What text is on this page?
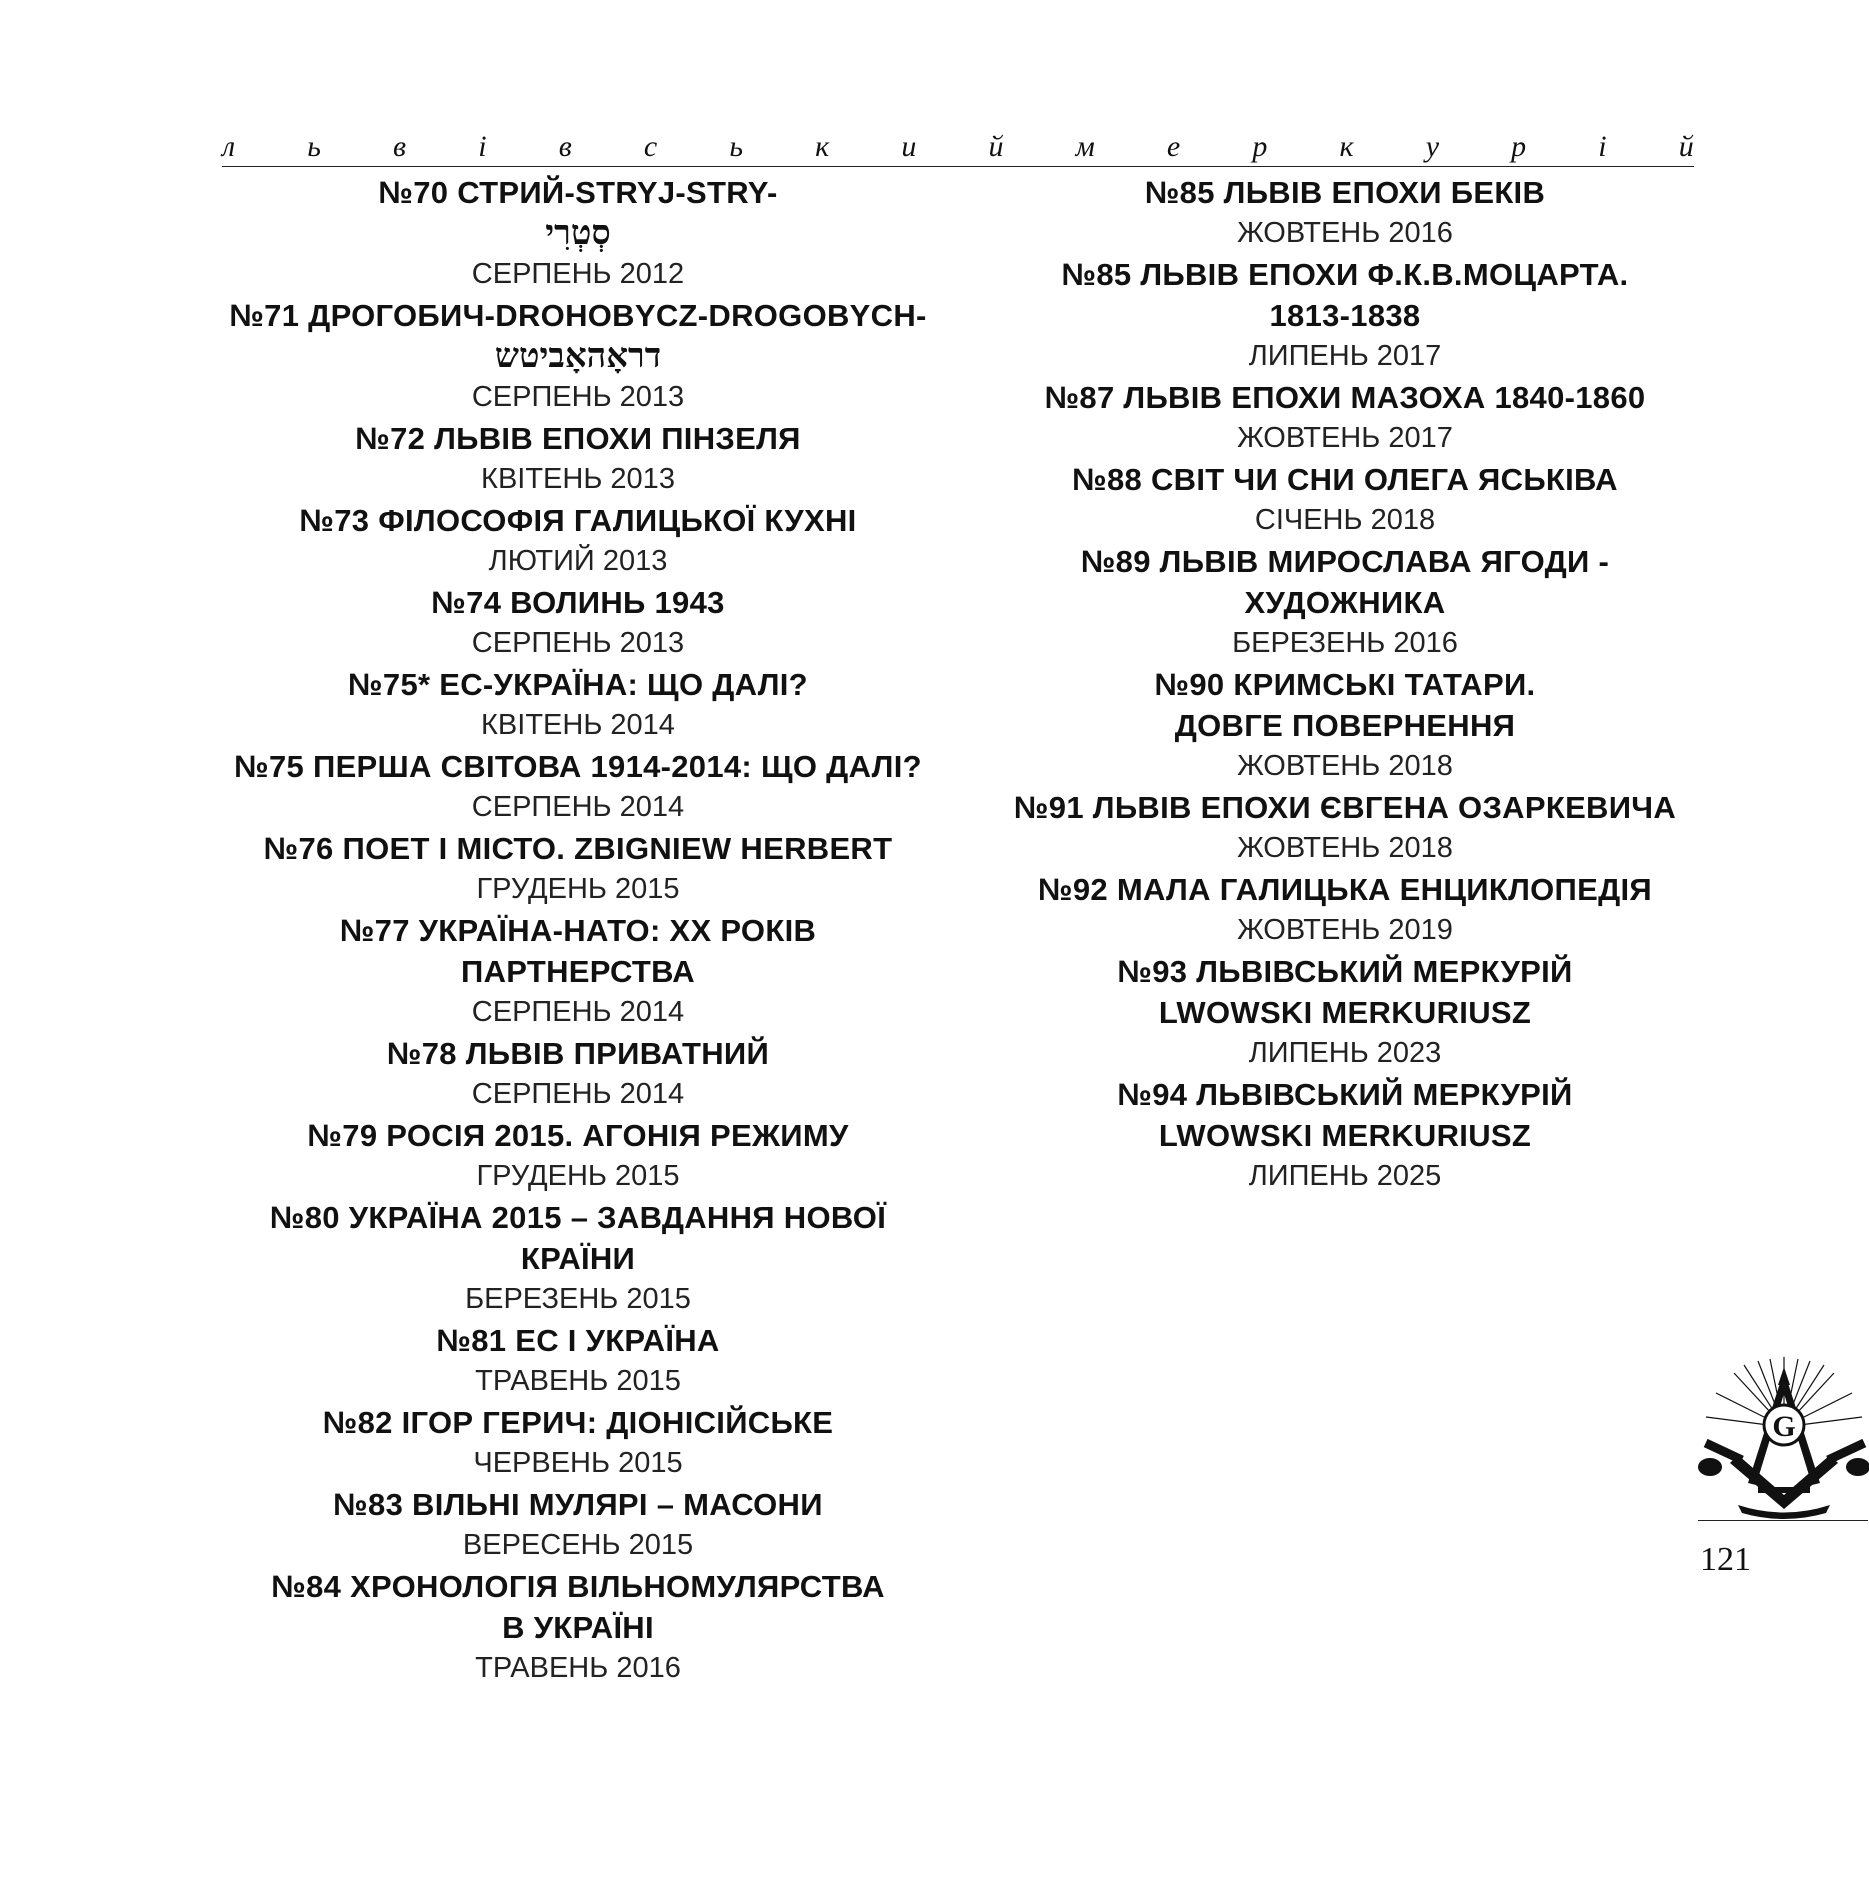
л ь в і в с ь к и й м е р к у р і й
№70 СТРИЙ-STRYJ-STRY-
סְטְרִי
СЕРПЕНЬ 2012
№71 ДРОГОБИЧ-DROHOBYCZ-DROGOBYCH-
דראָהאָביטש
СЕРПЕНЬ 2013
№72 ЛЬВІВ ЕПОХИ ПІНЗЕЛЯ
КВІТЕНЬ 2013
№73 ФІЛОСОФІЯ ГАЛИЦЬКОЇ КУХНІ
ЛЮТИЙ 2013
№74 ВОЛИНЬ 1943
СЕРПЕНЬ 2013
№75* ЕС-УКРАЇНА: ЩО ДАЛІ?
КВІТЕНЬ 2014
№75 ПЕРША СВІТОВА 1914-2014: ЩО ДАЛІ?
СЕРПЕНЬ 2014
№76 ПОЕТ І МІСТО. ZBIGNIEW HERBERT
ГРУДЕНЬ 2015
№77 УКРАЇНА-НАТО: ХХ РОКІВ
ПАРТНЕРСТВА
СЕРПЕНЬ 2014
№78 ЛЬВІВ ПРИВАТНИЙ
СЕРПЕНЬ 2014
№79 РОСІЯ 2015. АГОНІЯ РЕЖИМУ
ГРУДЕНЬ 2015
№80 УКРАЇНА 2015 – ЗАВДАННЯ НОВОЇ
КРАЇНИ
БЕРЕЗЕНЬ 2015
№81 ЕС І УКРАЇНА
ТРАВЕНЬ 2015
№82 ІГОР ГЕРИЧ: ДІОНІСІЙСЬКЕ
ЧЕРВЕНЬ 2015
№83 ВІЛЬНІ МУЛЯРІ – МАСОНИ
ВЕРЕСЕНЬ 2015
№84 ХРОНОЛОГІЯ ВІЛЬНОМУЛЯРСТВА
В УКРАЇНІ
ТРАВЕНЬ 2016
№85 ЛЬВІВ ЕПОХИ БЕКІВ
ЖОВТЕНЬ 2016
№85 ЛЬВІВ ЕПОХИ Ф.К.В.МОЦАРТА.
1813-1838
ЛИПЕНЬ 2017
№87 ЛЬВІВ ЕПОХИ МАЗОХА 1840-1860
ЖОВТЕНЬ 2017
№88 СВІТ ЧИ СНИ ОЛЕГА ЯСЬКІВА
СІЧЕНЬ 2018
№89 ЛЬВІВ МИРОСЛАВА ЯГОДИ -
ХУДОЖНИКА
БЕРЕЗЕНЬ 2016
№90 КРИМСЬКІ ТАТАРИ.
ДОВГЕ ПОВЕРНЕННЯ
ЖОВТЕНЬ 2018
№91 ЛЬВІВ ЕПОХИ ЄВГЕНА ОЗАРКЕВИЧА
ЖОВТЕНЬ 2018
№92 МАЛА ГАЛИЦЬКА ЕНЦИКЛОПЕДІЯ
ЖОВТЕНЬ 2019
№93 ЛЬВІВСЬКИЙ МЕРКУРІЙ
LWOWSKI MERKURIUSZ
ЛИПЕНЬ 2023
№94 ЛЬВІВСЬКИЙ МЕРКУРІЙ
LWOWSKI MERKURIUSZ
ЛИПЕНЬ 2025
G
121
